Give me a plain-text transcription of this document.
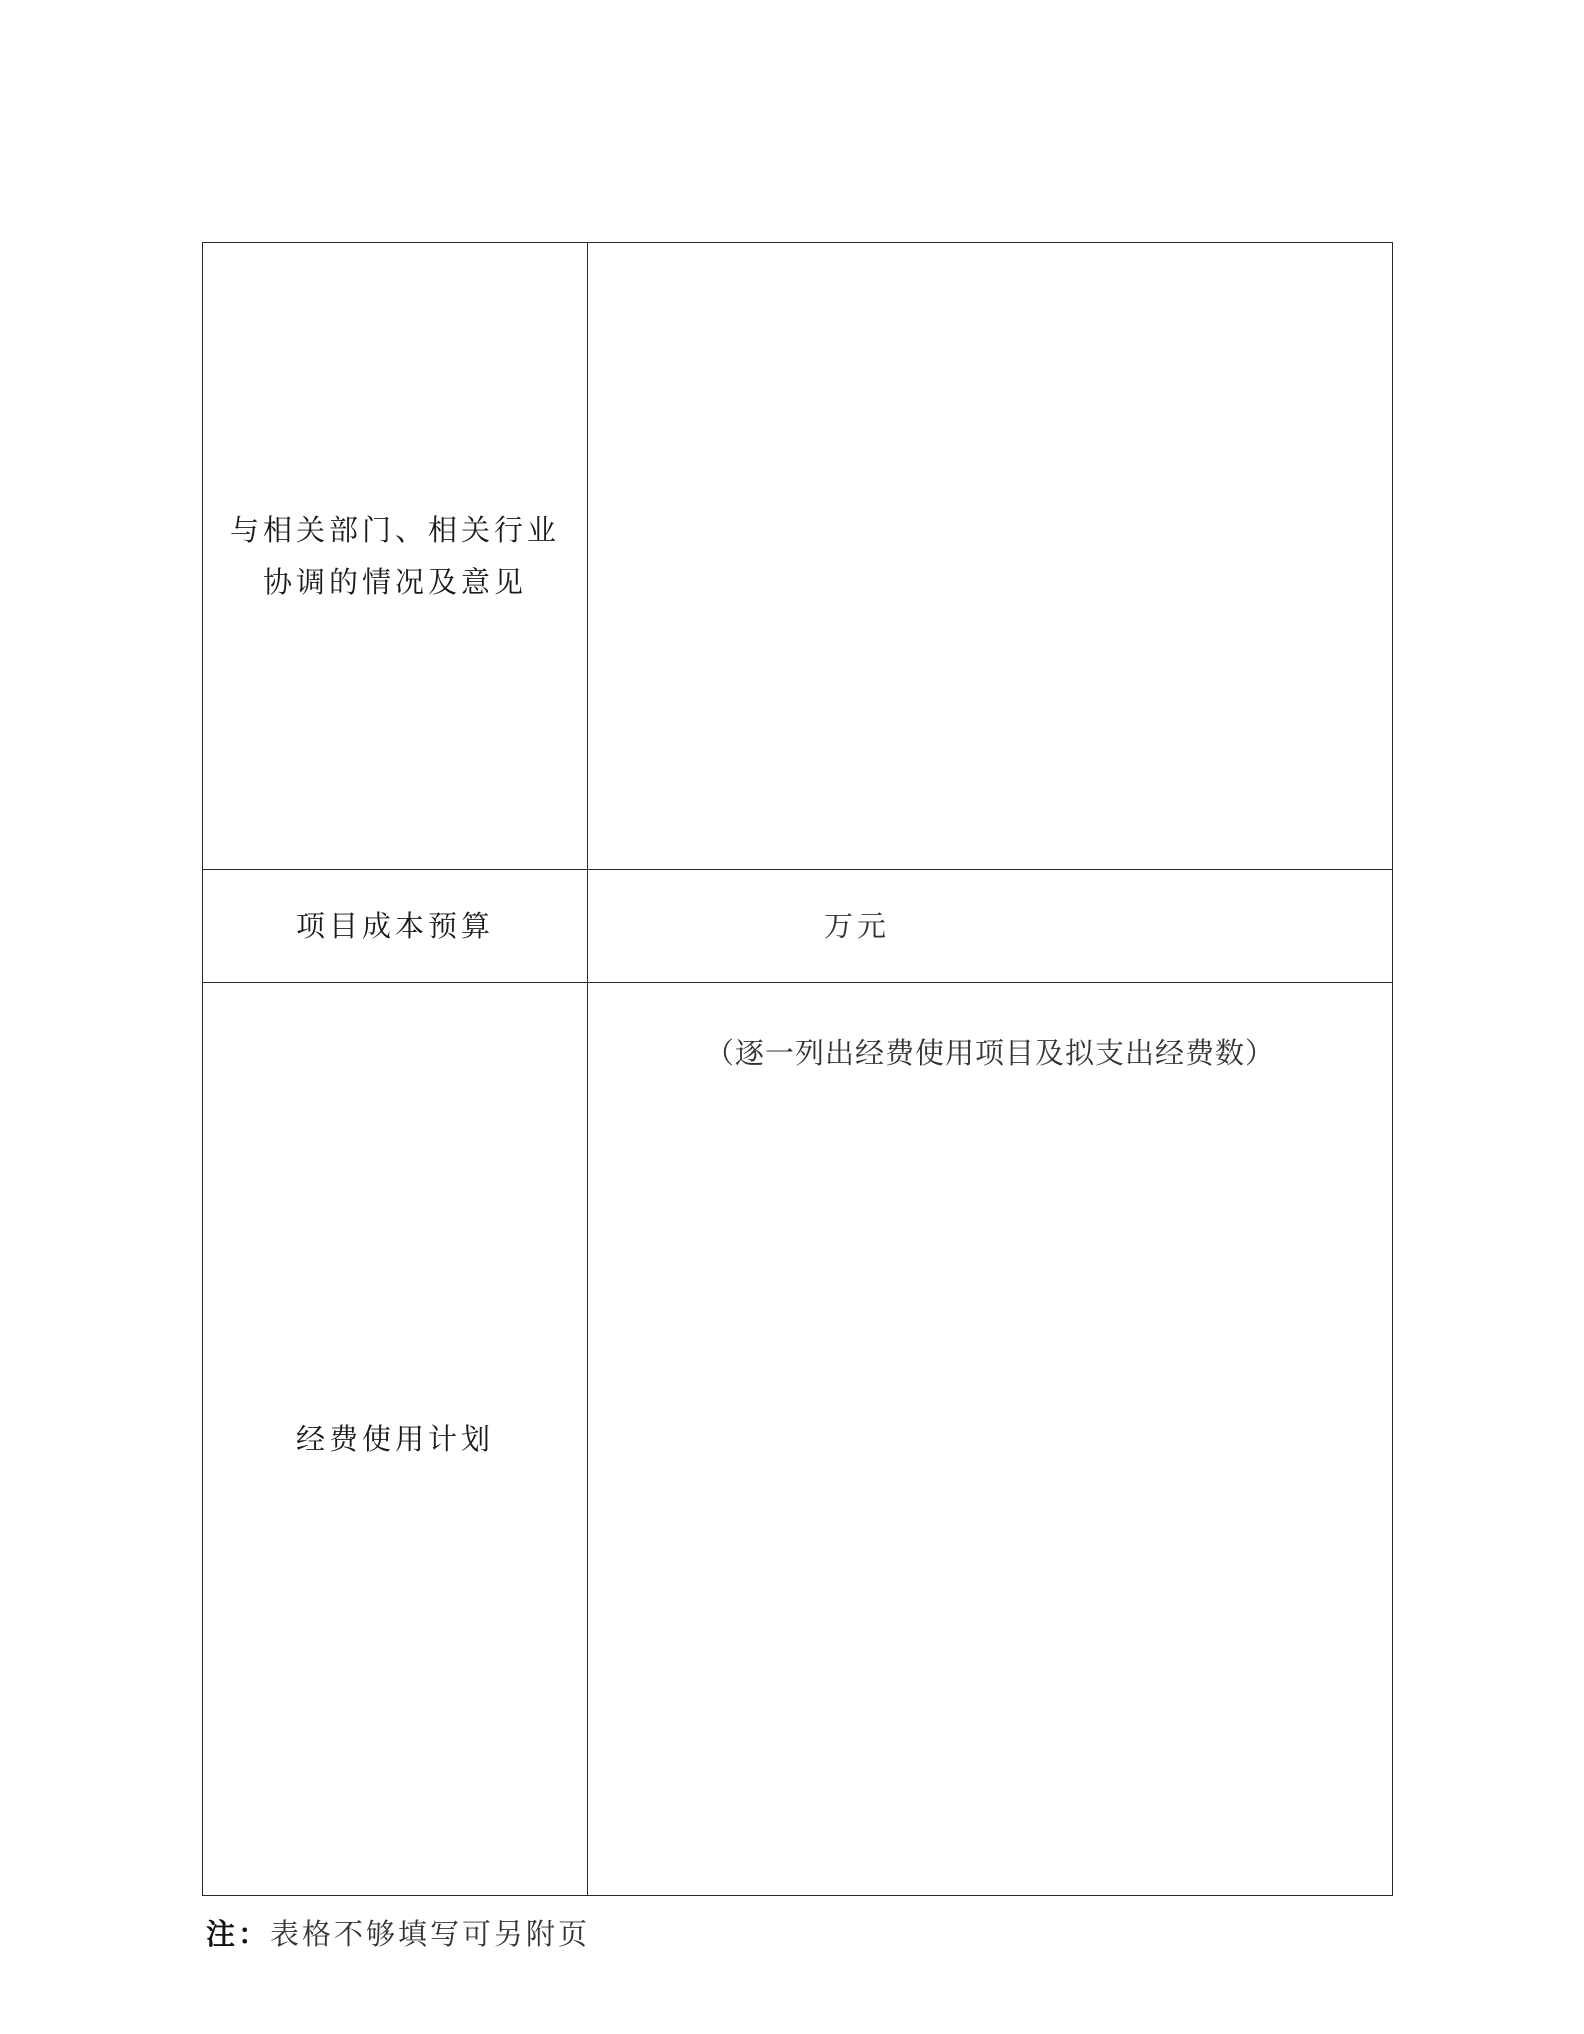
与相关部门、相关行业
协调的情况及意见	

项目成本预算	万元

经费使用计划	（逐一列出经费使用项目及拟支出经费数）
注：表格不够填写可另附页
